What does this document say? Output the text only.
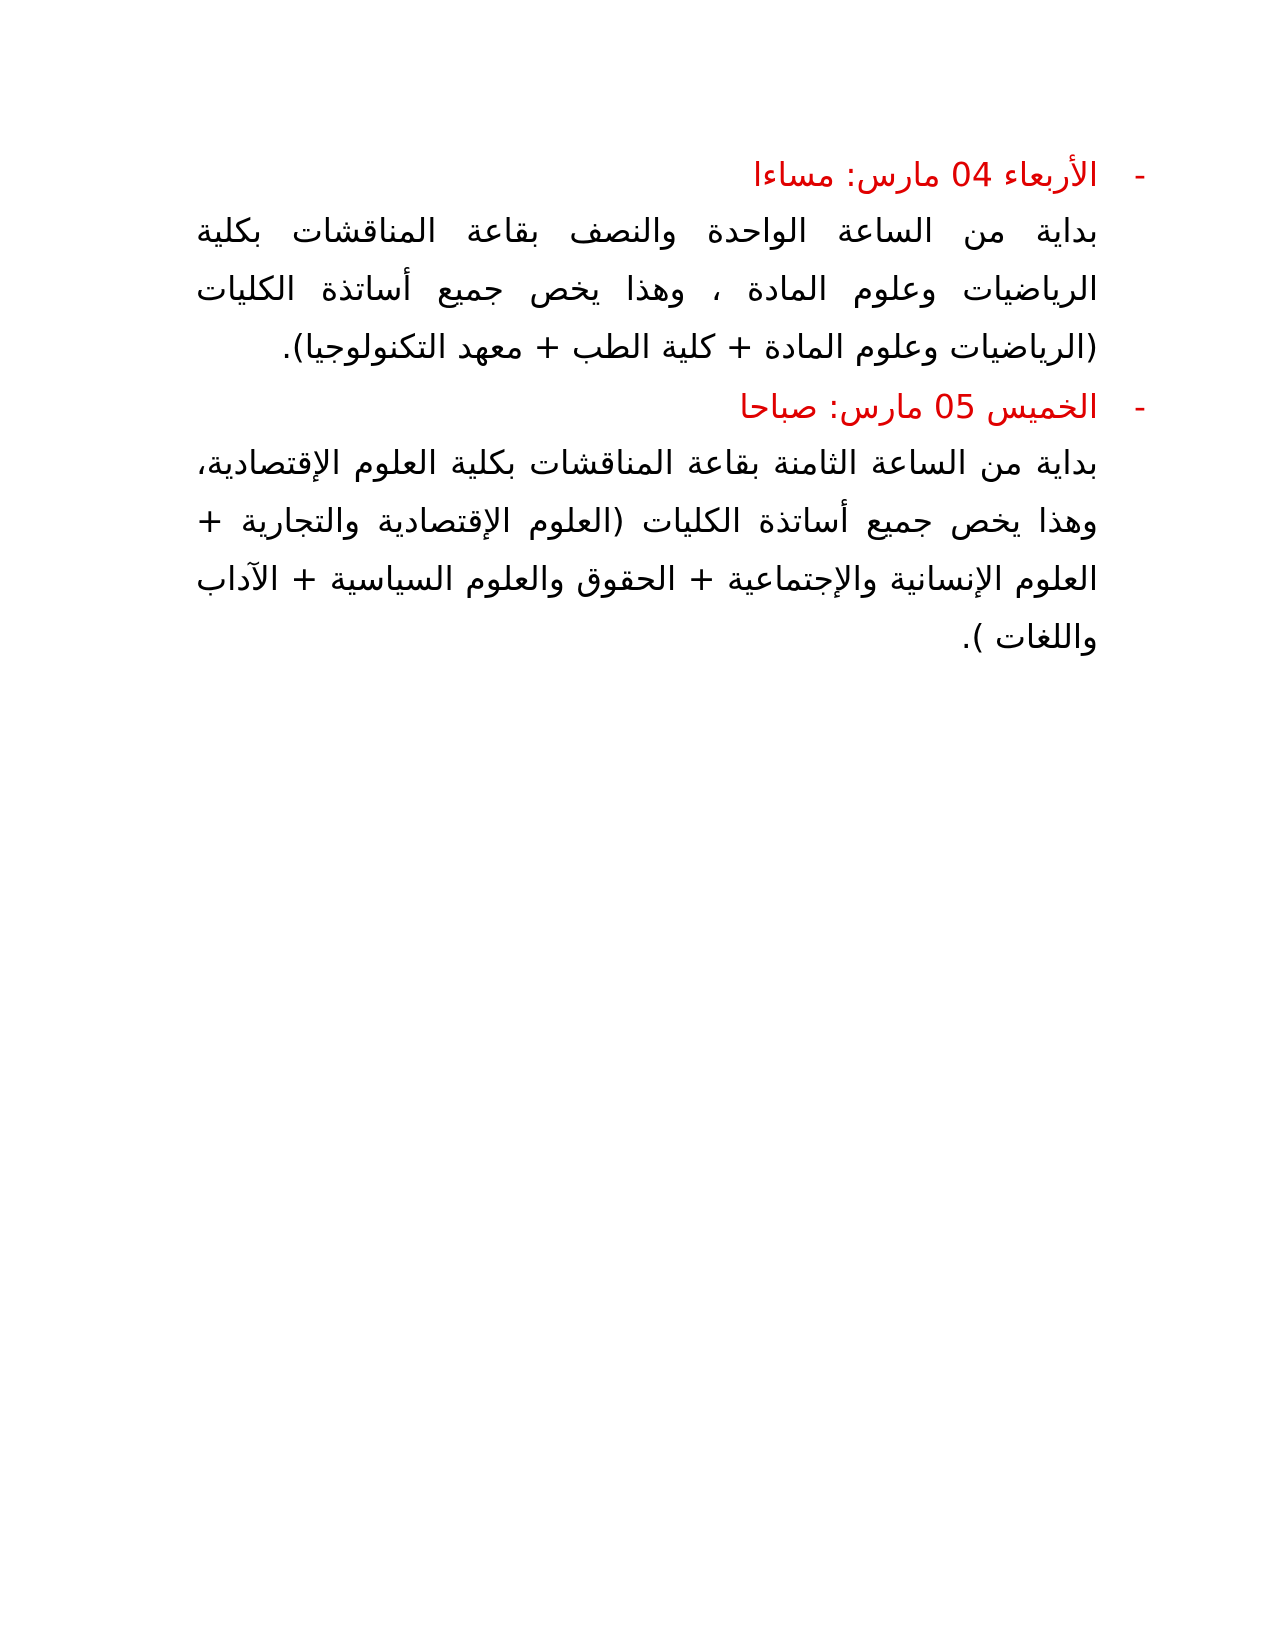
-
الأربعاء 04 مارس: مساءا

بداية من الساعة الواحدة والنصف بقاعة المناقشات بكلية الرياضيات وعلوم المادة ، وهذا يخص جميع أساتذة الكليات (الرياضيات وعلوم المادة + كلية الطب + معهد التكنولوجيا).

-
الخميس 05 مارس: صباحا

بداية من الساعة الثامنة بقاعة المناقشات بكلية العلوم الإقتصادية، وهذا يخص جميع أساتذة الكليات (العلوم الإقتصادية والتجارية + العلوم الإنسانية والإجتماعية + الحقوق والعلوم السياسية + الآداب واللغات ).
